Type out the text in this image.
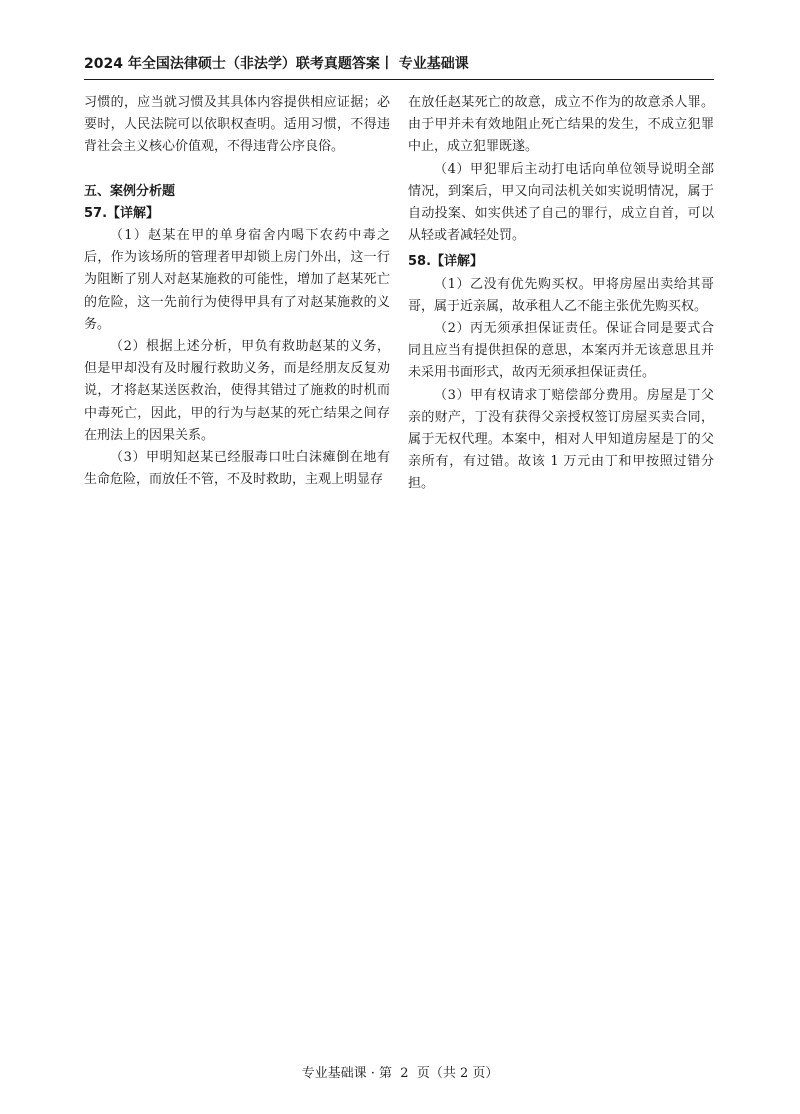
2024 年全国法律硕士（非法学）联考真题答案丨 专业基础课

习惯的，应当就习惯及其具体内容提供相应证据；必要时，人民法院可以依职权查明。适用习惯，不得违背社会主义核心价值观，不得违背公序良俗。

五、案例分析题

57.【详解】

（1）赵某在甲的单身宿舍内喝下农药中毒之后，作为该场所的管理者甲却锁上房门外出，这一行为阻断了别人对赵某施救的可能性，增加了赵某死亡的危险，这一先前行为使得甲具有了对赵某施救的义务。

（2）根据上述分析，甲负有救助赵某的义务，但是甲却没有及时履行救助义务，而是经朋友反复劝说，才将赵某送医救治，使得其错过了施救的时机而中毒死亡，因此，甲的行为与赵某的死亡结果之间存在刑法上的因果关系。

（3）甲明知赵某已经服毒口吐白沫瘫倒在地有生命危险，而放任不管，不及时救助，主观上明显存

在放任赵某死亡的故意，成立不作为的故意杀人罪。由于甲并未有效地阻止死亡结果的发生，不成立犯罪中止，成立犯罪既遂。

（4）甲犯罪后主动打电话向单位领导说明全部情况，到案后，甲又向司法机关如实说明情况，属于自动投案、如实供述了自己的罪行，成立自首，可以从轻或者减轻处罚。

58.【详解】

（1）乙没有优先购买权。甲将房屋出卖给其哥哥，属于近亲属，故承租人乙不能主张优先购买权。

（2）丙无须承担保证责任。保证合同是要式合同且应当有提供担保的意思，本案丙并无该意思且并未采用书面形式，故丙无须承担保证责任。

（3）甲有权请求丁赔偿部分费用。房屋是丁父亲的财产，丁没有获得父亲授权签订房屋买卖合同，属于无权代理。本案中，相对人甲知道房屋是丁的父亲所有，有过错。故该 1 万元由丁和甲按照过错分担。

专业基础课 · 第  2  页（共 2 页）
